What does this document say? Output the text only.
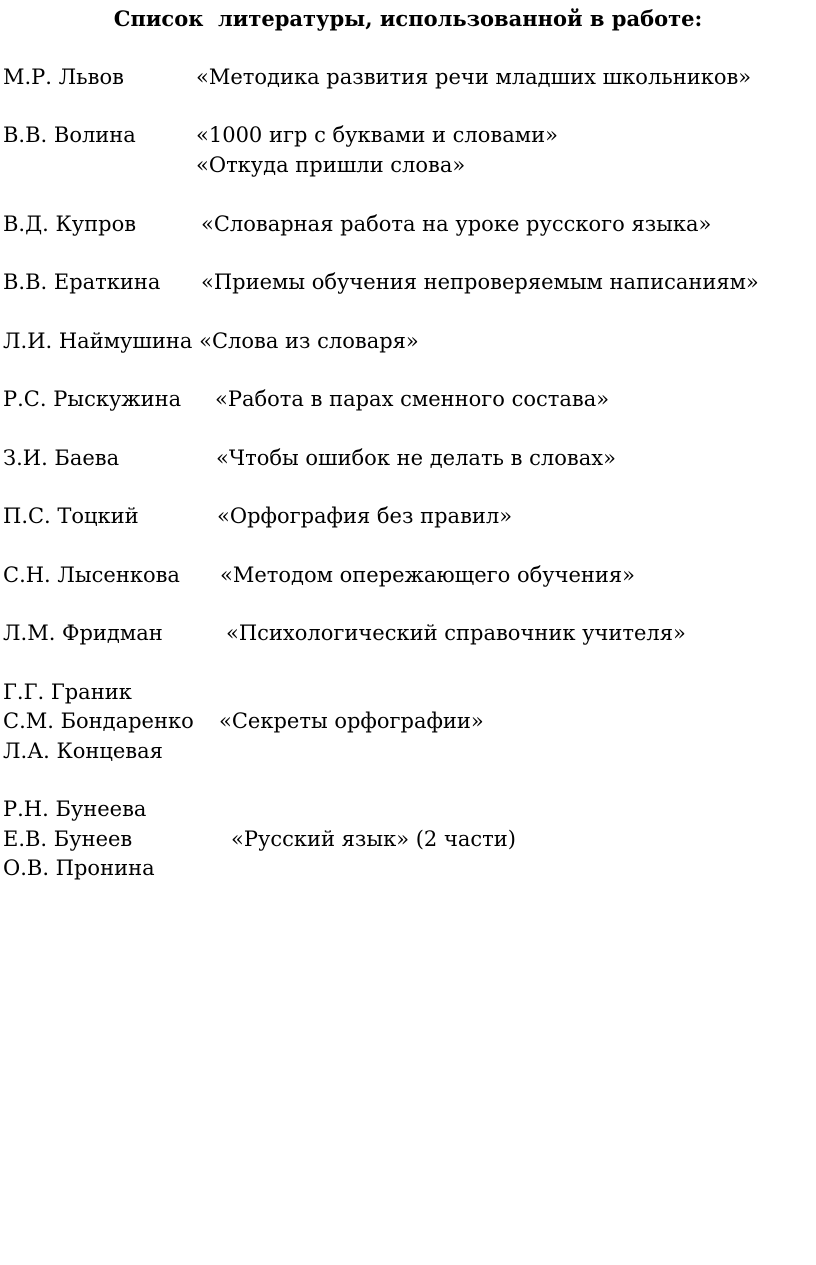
Список  литературы, использованной в работе:
М.Р. Львов	«Методика развития речи младших школьников»
В.В. Волина	«1000 игр с буквами и словами»
«Откуда пришли слова»
В.Д. Купров	«Словарная работа на уроке русского языка»
В.В. Ераткина «Приемы обучения непроверяемым написаниям»
Л.И. Наймушина «Слова из словаря»
Р.С. Рыскужина «Работа в парах сменного состава»
З.И. Баева	«Чтобы ошибок не делать в словах»
П.С. Тоцкий	«Орфография без правил»
С.Н. Лысенкова «Методом опережающего обучения»
Л.М. Фридман	«Психологический справочник учителя»
Г.Г. Граник
С.М. Бондаренко «Секреты орфографии»
Л.А. Концевая
Р.Н. Бунеева
Е.В. Бунеев	«Русский язык» (2 части)
О.В. Пронина
